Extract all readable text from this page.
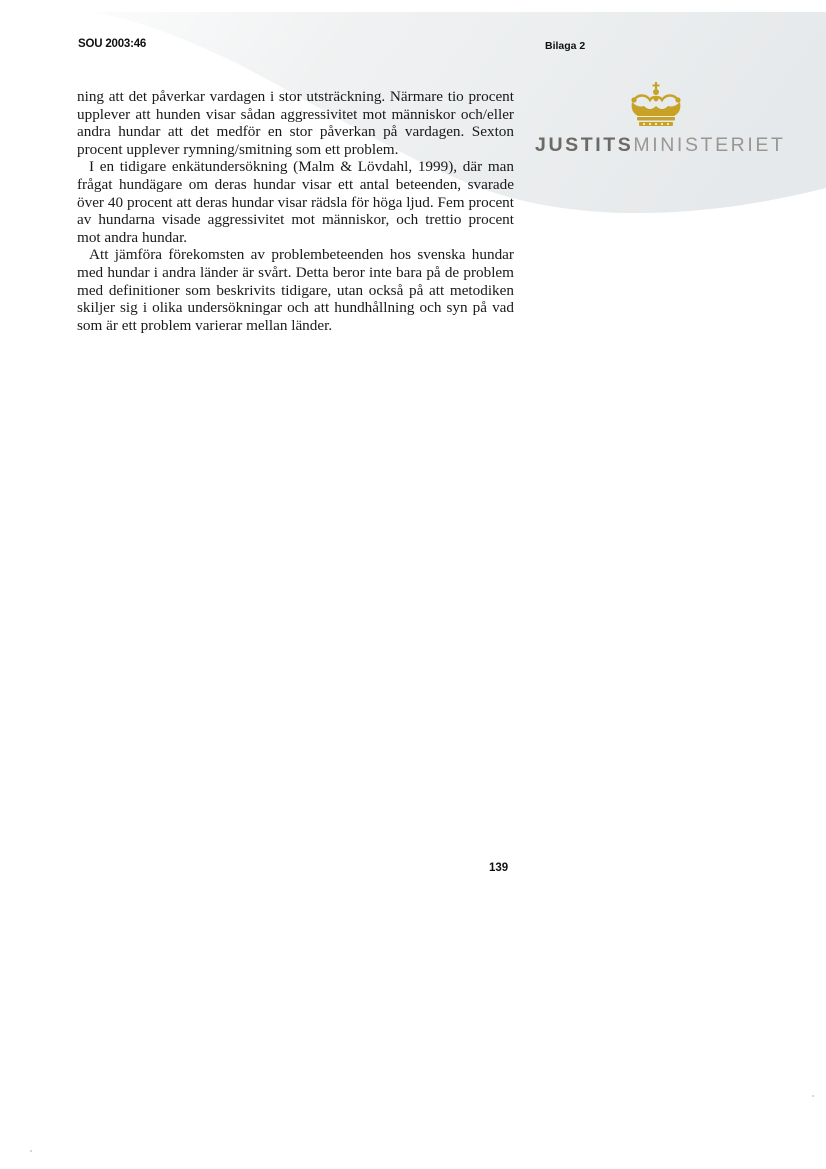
SOU 2003:46	Bilaga 2
JUSTITSMINISTERIET

ning att det påverkar vardagen i stor utsträckning. Närmare tio procent upplever att hunden visar sådan aggressivitet mot människor och/eller andra hundar att det medför en stor påverkan på vardagen. Sexton procent upplever rymning/smitning som ett problem.

I en tidigare enkätundersökning (Malm & Lövdahl, 1999), där man frågat hundägare om deras hundar visar ett antal beteenden, svarade över 40 procent att deras hundar visar rädsla för höga ljud. Fem procent av hundarna visade aggressivitet mot människor, och trettio procent mot andra hundar.

Att jämföra förekomsten av problembeteenden hos svenska hundar med hundar i andra länder är svårt. Detta beror inte bara på de problem med definitioner som beskrivits tidigare, utan också på att metodiken skiljer sig i olika undersökningar och att hundhållning och syn på vad som är ett problem varierar mellan länder.

139
